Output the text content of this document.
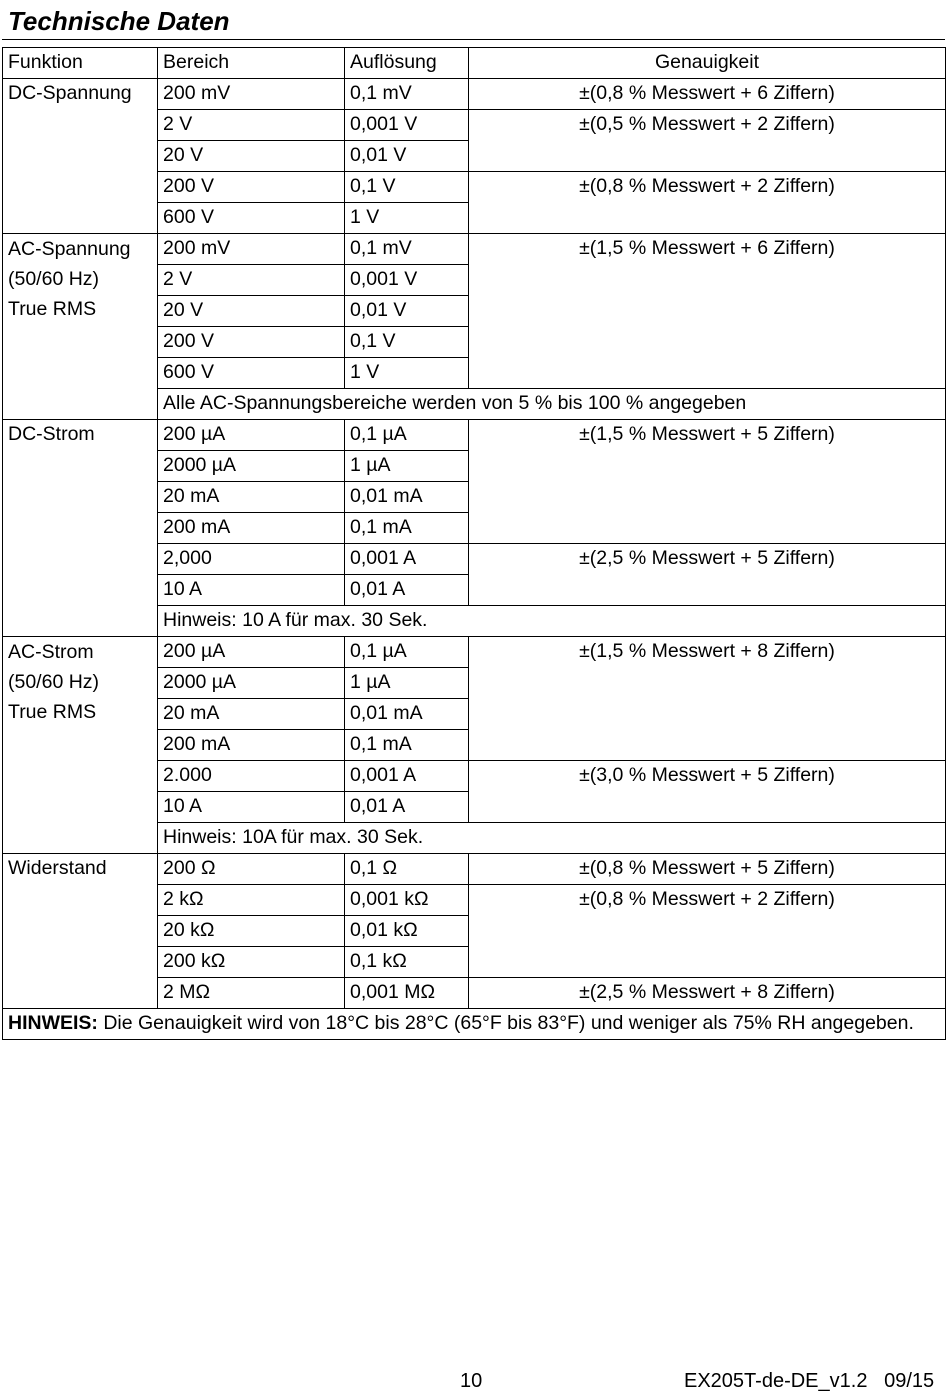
Technische Daten
Funktion	Bereich	Auflösung	Genauigkeit
DC-Spannung	200 mV	0,1 mV	±(0,8 % Messwert + 6 Ziffern)
	2 V	0,001 V	±(0,5 % Messwert + 2 Ziffern)
	20 V	0,01 V	
	200 V	0,1 V	±(0,8 % Messwert + 2 Ziffern)
	600 V	1 V	

AC-Spannung
(50/60 Hz)
True RMS	200 mV	0,1 mV	±(1,5 % Messwert + 6 Ziffern)
	2 V	0,001 V	
	20 V	0,01 V	
	200 V	0,1 V	
	600 V	1 V	
	Alle AC-Spannungsbereiche werden von 5 % bis 100 % angegeben		
DC-Strom	200 µA	0,1 µA	±(1,5 % Messwert + 5 Ziffern)
	2000 µA	1 µA	
	20 mA	0,01 mA	
	200 mA	0,1 mA	
	2,000	0,001 A	±(2,5 % Messwert + 5 Ziffern)
	10 A	0,01 A	
	Hinweis: 10 A für max. 30 Sek.		

AC-Strom
(50/60 Hz)
True RMS	200 µA	0,1 µA	±(1,5 % Messwert + 8 Ziffern)
	2000 µA	1 µA	
	20 mA	0,01 mA	
	200 mA	0,1 mA	
	2.000	0,001 A	±(3,0 % Messwert + 5 Ziffern)
	10 A	0,01 A	
	Hinweis: 10A für max. 30 Sek.		
Widerstand	200 Ω	0,1 Ω	±(0,8 % Messwert + 5 Ziffern)
	2 kΩ	0,001 kΩ	±(0,8 % Messwert + 2 Ziffern)
	20 kΩ	0,01 kΩ	
	200 kΩ	0,1 kΩ	
	2 MΩ	0,001 MΩ	±(2,5 % Messwert + 8 Ziffern)
HINWEIS: Die Genauigkeit wird von 18°C bis 28°C (65°F bis 83°F) und weniger als 75% RH angegeben.			
10	EX205T-de-DE_v1.2   09/15
